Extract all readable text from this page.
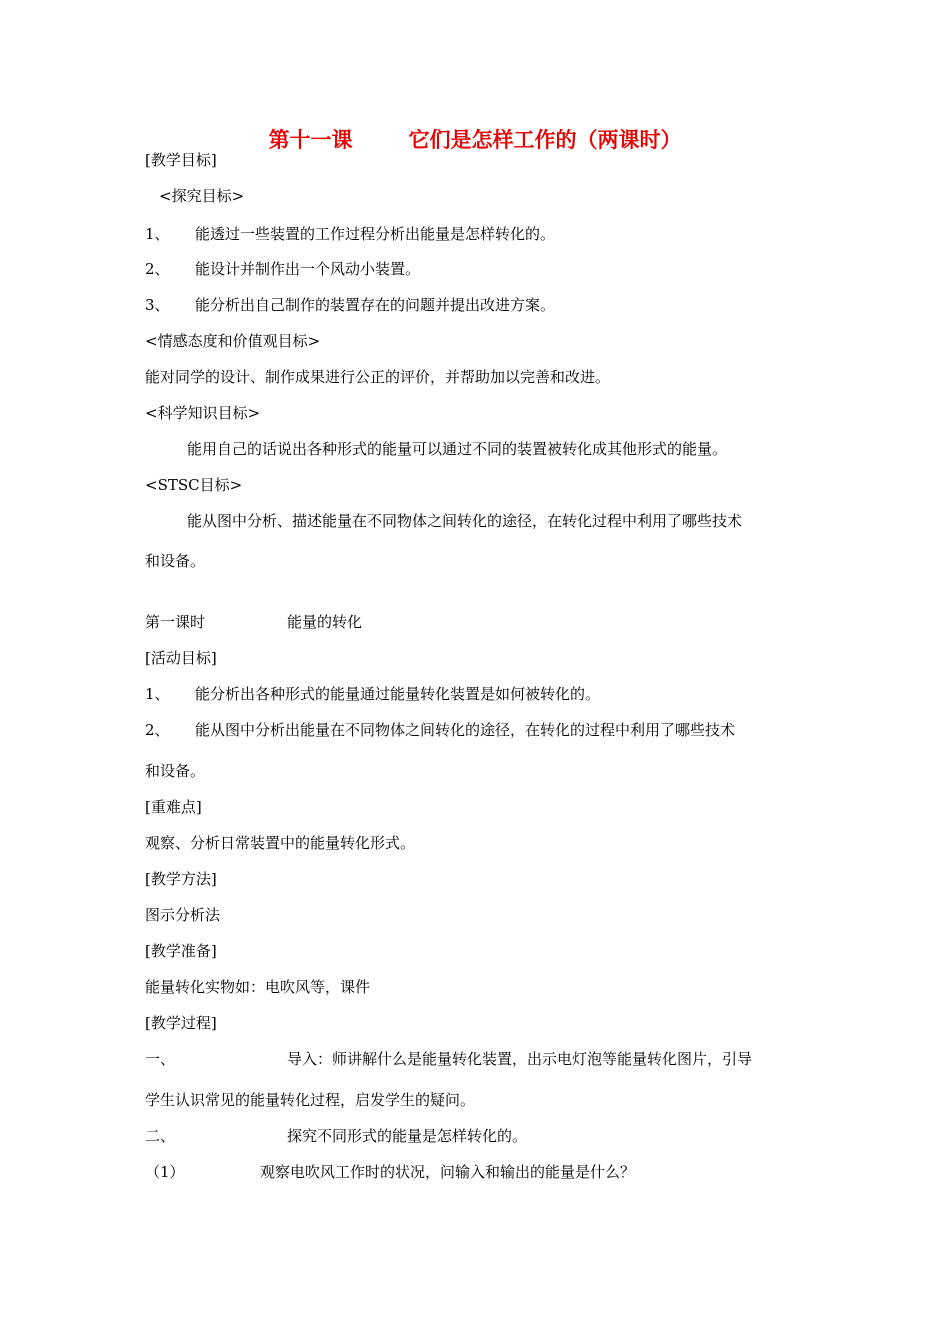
第十一课	它们是怎样工作的（两课时）
[教学目标]
<探究目标>
1、 能透过一些装置的工作过程分析出能量是怎样转化的。
2、 能设计并制作出一个风动小装置。
3、 能分析出自己制作的装置存在的问题并提出改进方案。
<情感态度和价值观目标>
能对同学的设计、制作成果进行公正的评价，并帮助加以完善和改进。
<科学知识目标>
能用自己的话说出各种形式的能量可以通过不同的装置被转化成其他形式的能量。
<STSC目标>
能从图中分析、描述能量在不同物体之间转化的途径，在转化过程中利用了哪些技术
和设备。
第一课时	能量的转化
[活动目标]
1、 能分析出各种形式的能量通过能量转化装置是如何被转化的。
2、 能从图中分析出能量在不同物体之间转化的途径，在转化的过程中利用了哪些技术
和设备。
[重难点]
观察、分析日常装置中的能量转化形式。
[教学方法]
图示分析法
[教学准备]
能量转化实物如：电吹风等，课件
[教学过程]
一、	导入：师讲解什么是能量转化装置，出示电灯泡等能量转化图片，引导
学生认识常见的能量转化过程，启发学生的疑问。
二、	探究不同形式的能量是怎样转化的。
（1）	观察电吹风工作时的状况，问输入和输出的能量是什么？
